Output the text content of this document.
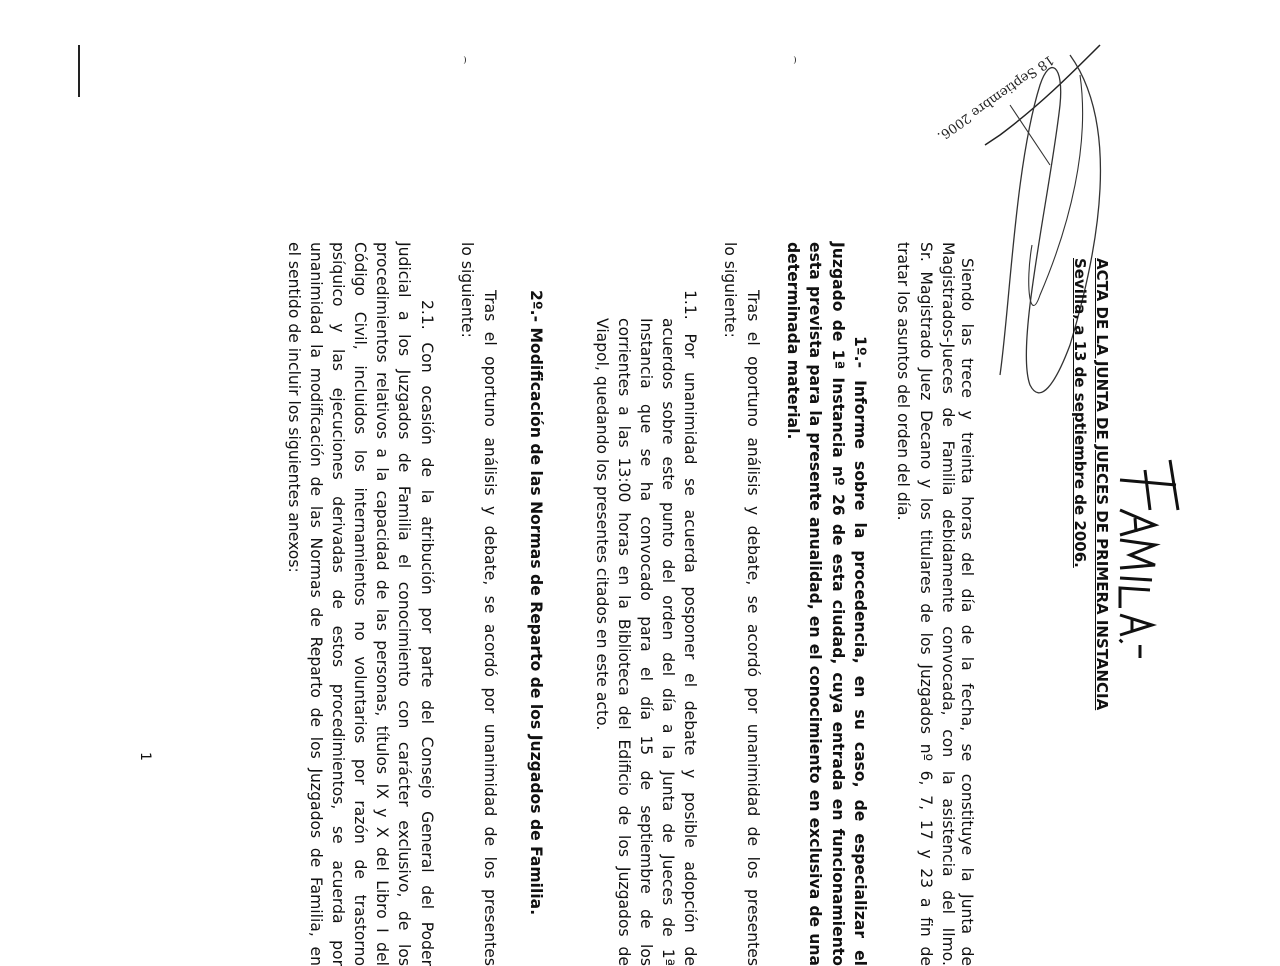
18 Septiembre 2006.
ACTA DE LA JUNTA DE JUECES DE PRIMERA INSTANCIA
Sevilla, a 13 de septiembre de 2006.
Siendo las trece y treinta horas del día de la fecha, se constituye la Junta de
Magistrados-Jueces de Familia debidamente convocada, con la asistencia del Ilmo.
Sr. Magistrado Juez Decano y los titulares de los Juzgados nº 6, 7, 17 y 23 a fin de
tratar los asuntos del orden del día.
1º.- Informe sobre la procedencia, en su caso, de especializar el
Juzgado de 1ª Instancia nº 26 de esta ciudad, cuya entrada en funcionamiento
esta prevista para la presente anualidad, en el conocimiento en exclusiva de una
determinada material.
Tras el oportuno análisis y debate, se acordó por unanimidad de los presentes
lo siguiente:
1.1. Por unanimidad se acuerda posponer el debate y posible adopción de
acuerdos sobre este punto del orden del día a la Junta de Jueces de 1ª
Instancia que se ha convocado para el día 15 de septiembre de los
corrientes a las 13:00 horas en la Biblioteca del Edificio de los Juzgados de
Viapol, quedando los presentes citados en este acto.
2º.- Modificación de las Normas de Reparto de los Juzgados de Familia.
Tras el oportuno análisis y debate, se acordó por unanimidad de los presentes
lo siguiente:
2.1. Con ocasión de la atribución por parte del Consejo General del Poder
Judicial a los Juzgados de Familia el conocimiento con carácter exclusivo, de los
procedimientos relativos a la capacidad de las personas, títulos IX y X del Libro I del
Código Civil, incluidos los internamientos no voluntarios por razón de trastorno
psíquico y las ejecuciones derivadas de estos procedimientos, se acuerda por
unanimidad la modificación de las Normas de Reparto de los Juzgados de Familia, en
el sentido de incluir los siguientes anexos:
1
